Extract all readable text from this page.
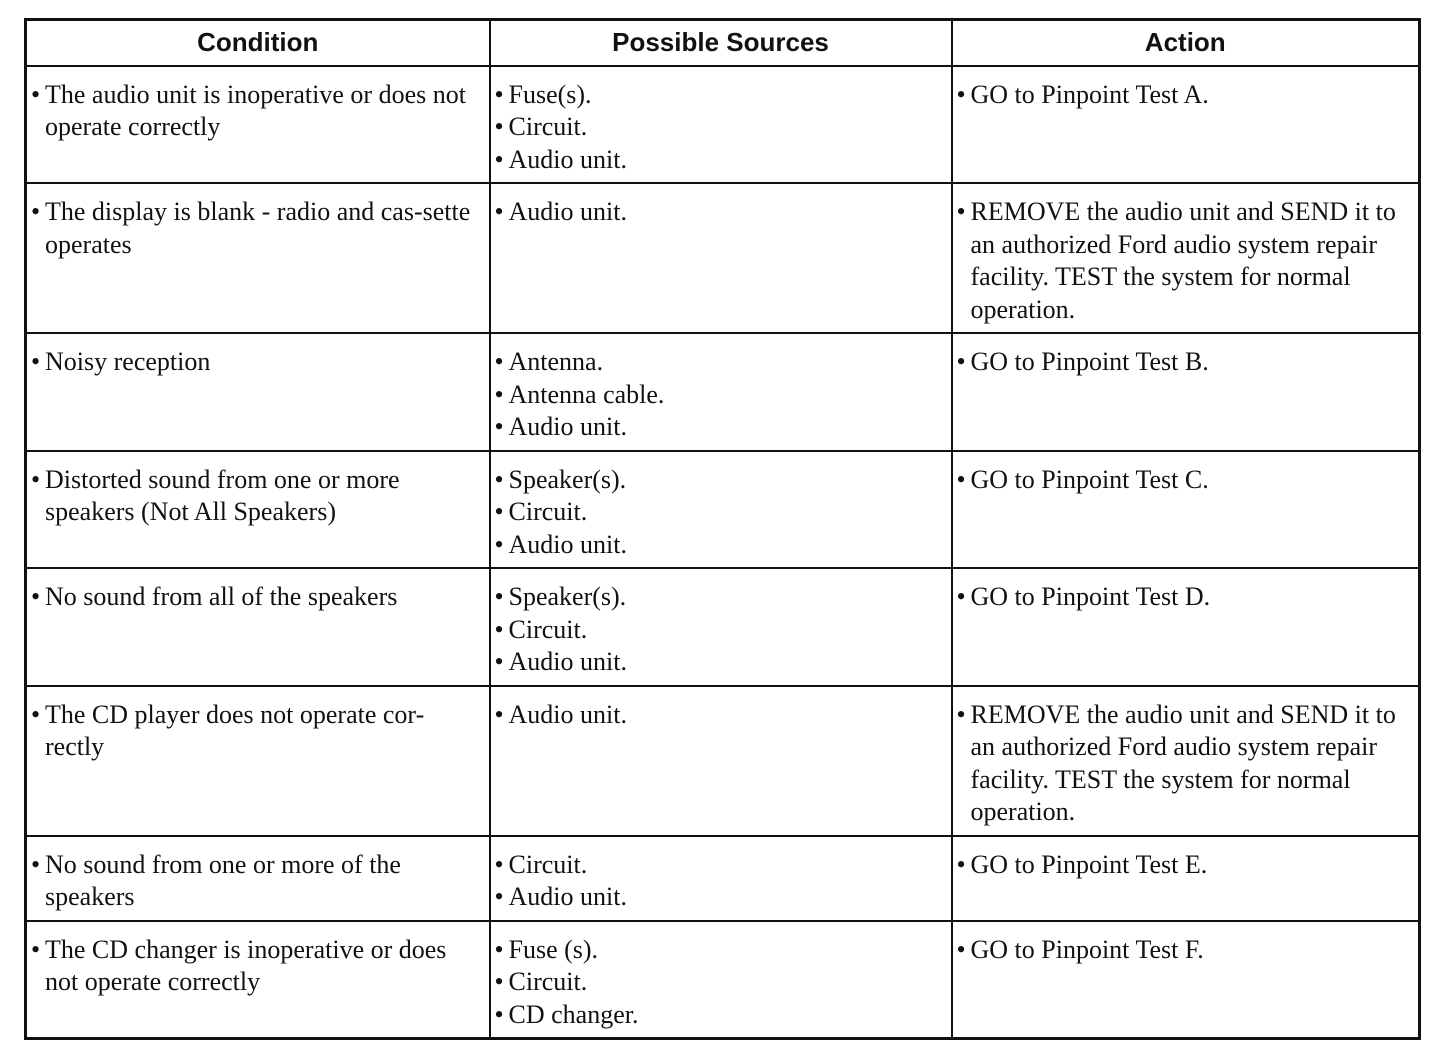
Condition	Possible Sources	Action

• The audio unit is inoperative or does not operate correctly	• Fuse(s).
• Circuit.
• Audio unit.	• GO to Pinpoint Test A.

• The display is blank - radio and cas-sette operates	• Audio unit.	• REMOVE the audio unit and SEND it to an authorized Ford audio system repair facility. TEST the system for normal operation.

• Noisy reception	• Antenna.
• Antenna cable.
• Audio unit.	• GO to Pinpoint Test B.

• Distorted sound from one or more speakers (Not All Speakers)	• Speaker(s).
• Circuit.
• Audio unit.	• GO to Pinpoint Test C.

• No sound from all of the speakers	• Speaker(s).
• Circuit.
• Audio unit.	• GO to Pinpoint Test D.

• The CD player does not operate cor-rectly	• Audio unit.	• REMOVE the audio unit and SEND it to an authorized Ford audio system repair facility. TEST the system for normal operation.

• No sound from one or more of the speakers	• Circuit.
• Audio unit.	• GO to Pinpoint Test E.

• The CD changer is inoperative or does not operate correctly	• Fuse (s).
• Circuit.
• CD changer.	• GO to Pinpoint Test F.
